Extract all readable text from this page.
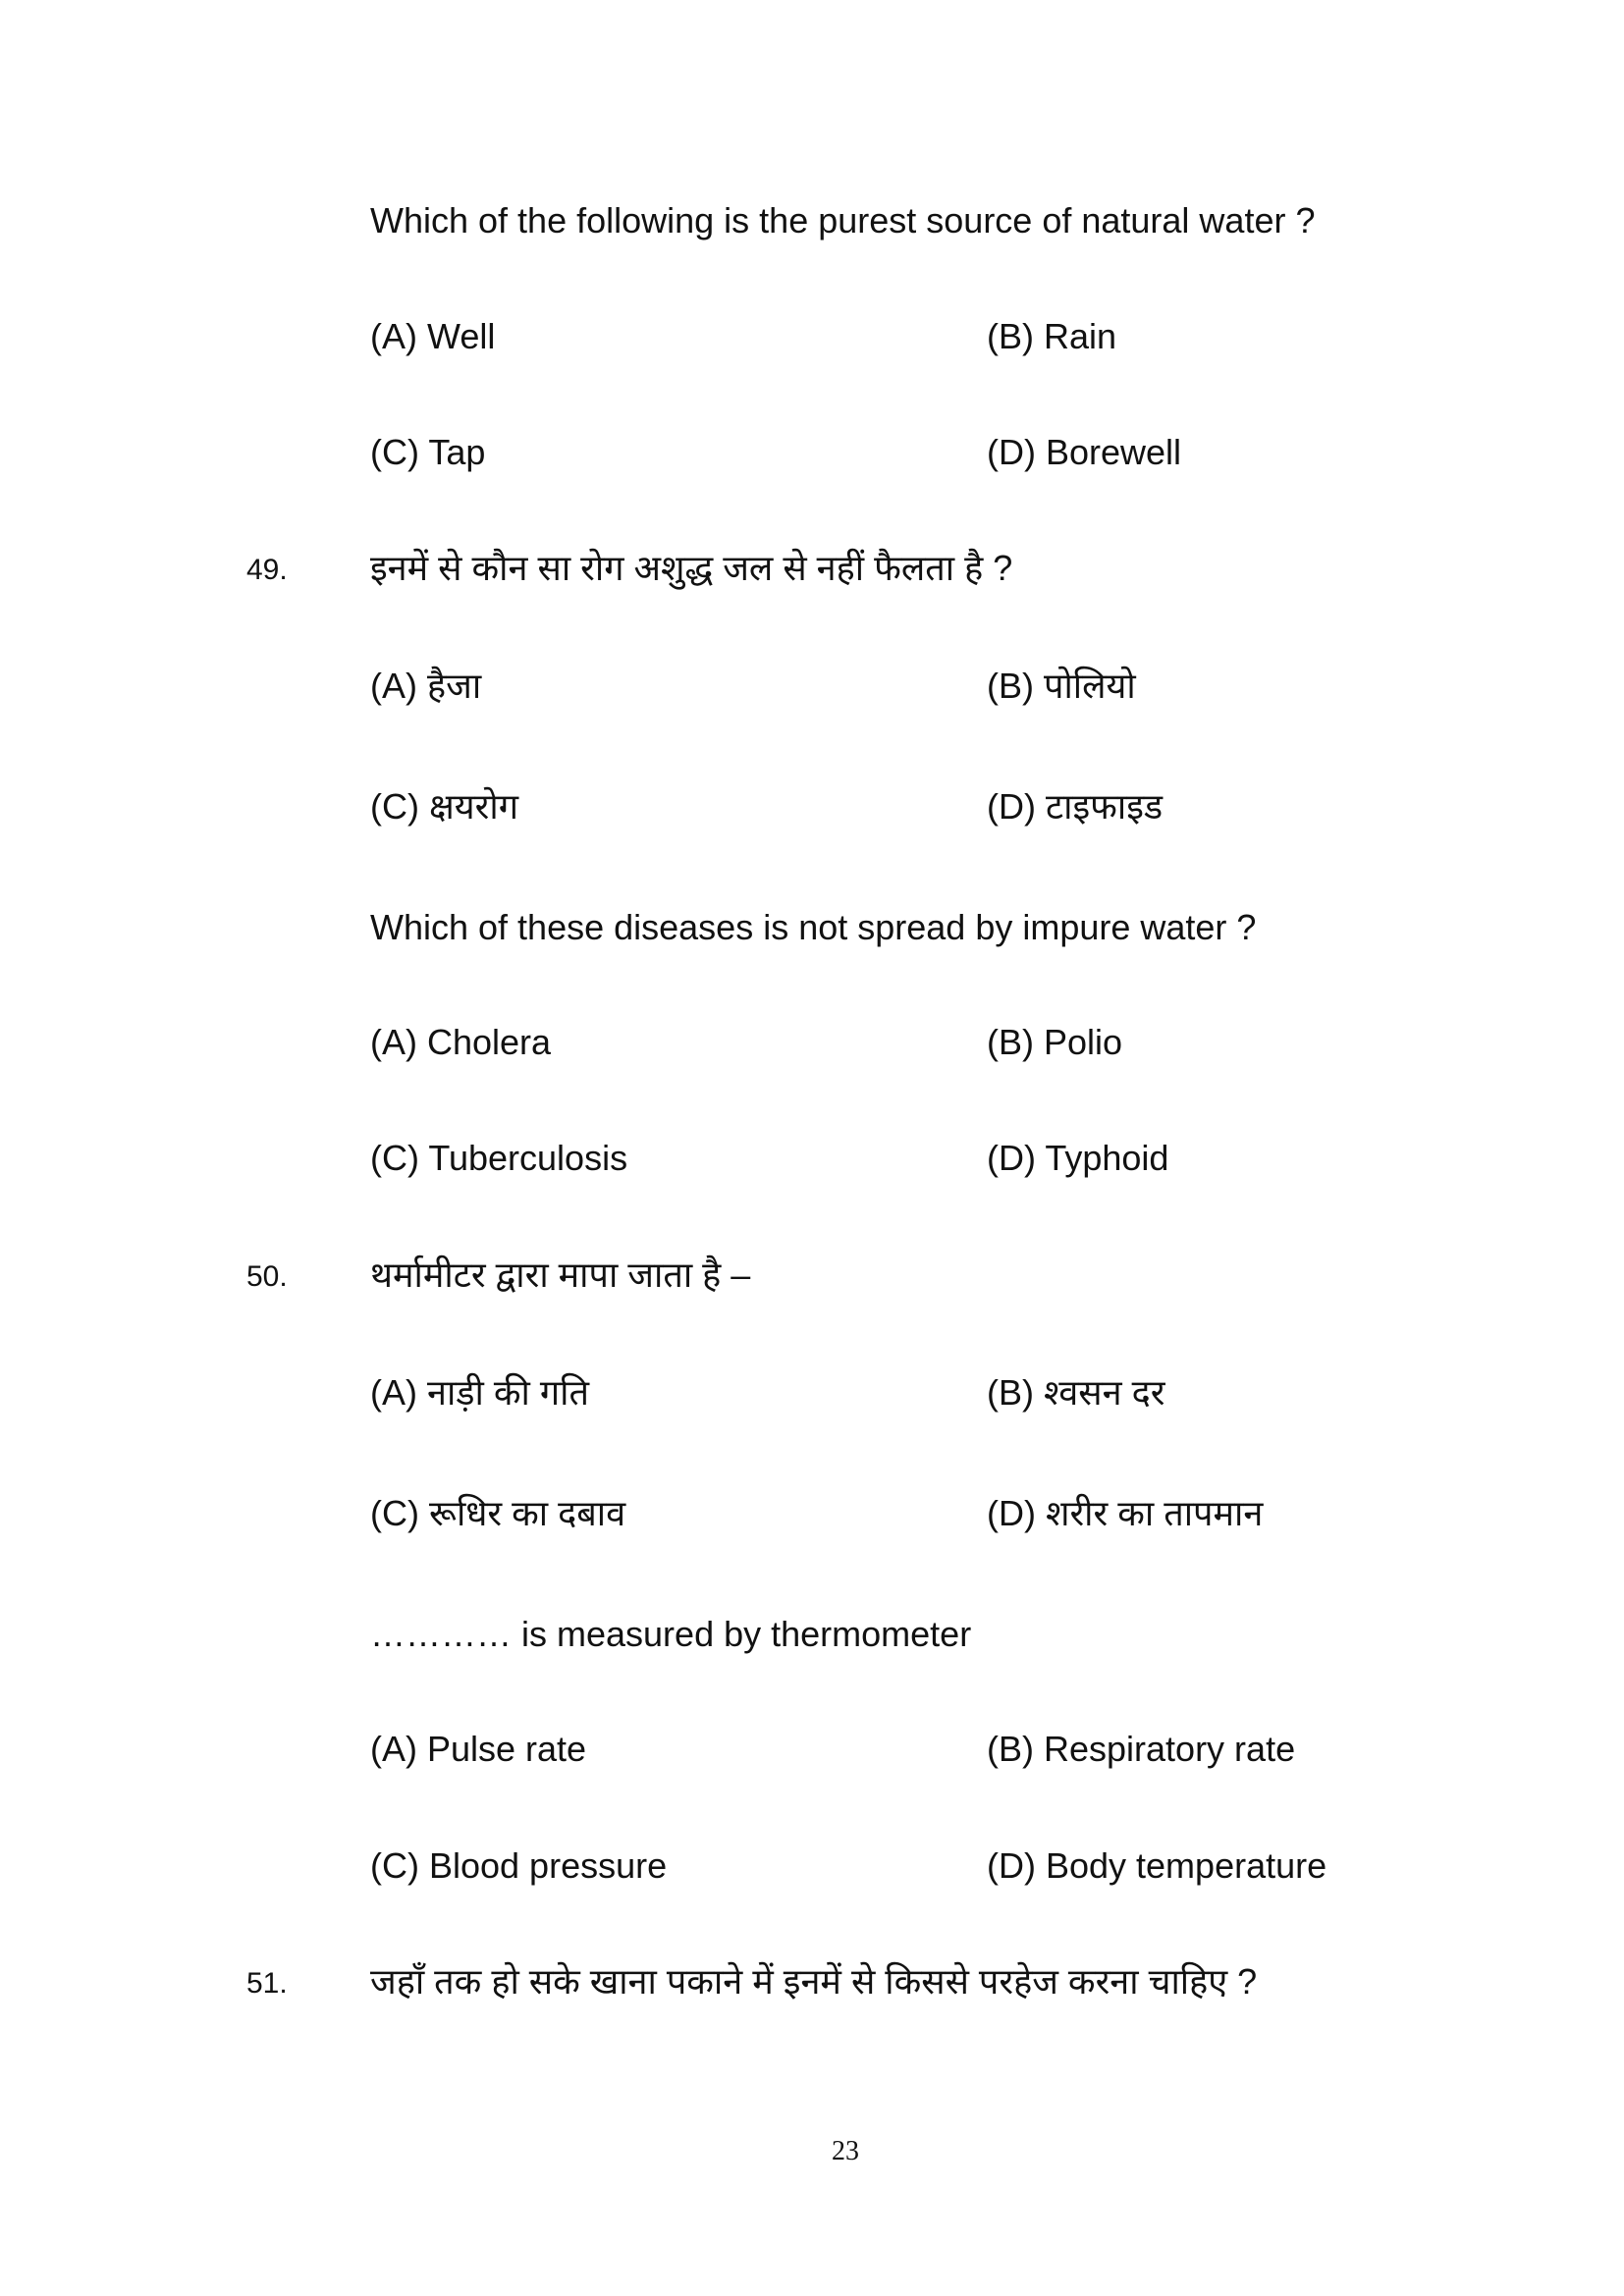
Which of the following is the purest source of natural water ?
(A) Well	(B) Rain
(C) Tap	(D) Borewell
49. इनमें से कौन सा रोग अशुद्ध जल से नहीं फैलता है ?
(A) हैजा	(B) पोलियो
(C) क्षयरोग	(D) टाइफाइड
Which of these diseases is not spread by impure water ?
(A) Cholera	(B) Polio
(C) Tuberculosis	(D) Typhoid
50. थर्मामीटर द्वारा मापा जाता है –
(A) नाड़ी की गति	(B) श्वसन दर
(C) रूधिर का दबाव	(D) शरीर का तापमान
………… is measured by thermometer
(A) Pulse rate	(B) Respiratory rate
(C) Blood pressure	(D) Body temperature
51. जहाँ तक हो सके खाना पकाने में इनमें से किससे परहेज करना चाहिए ?
23
